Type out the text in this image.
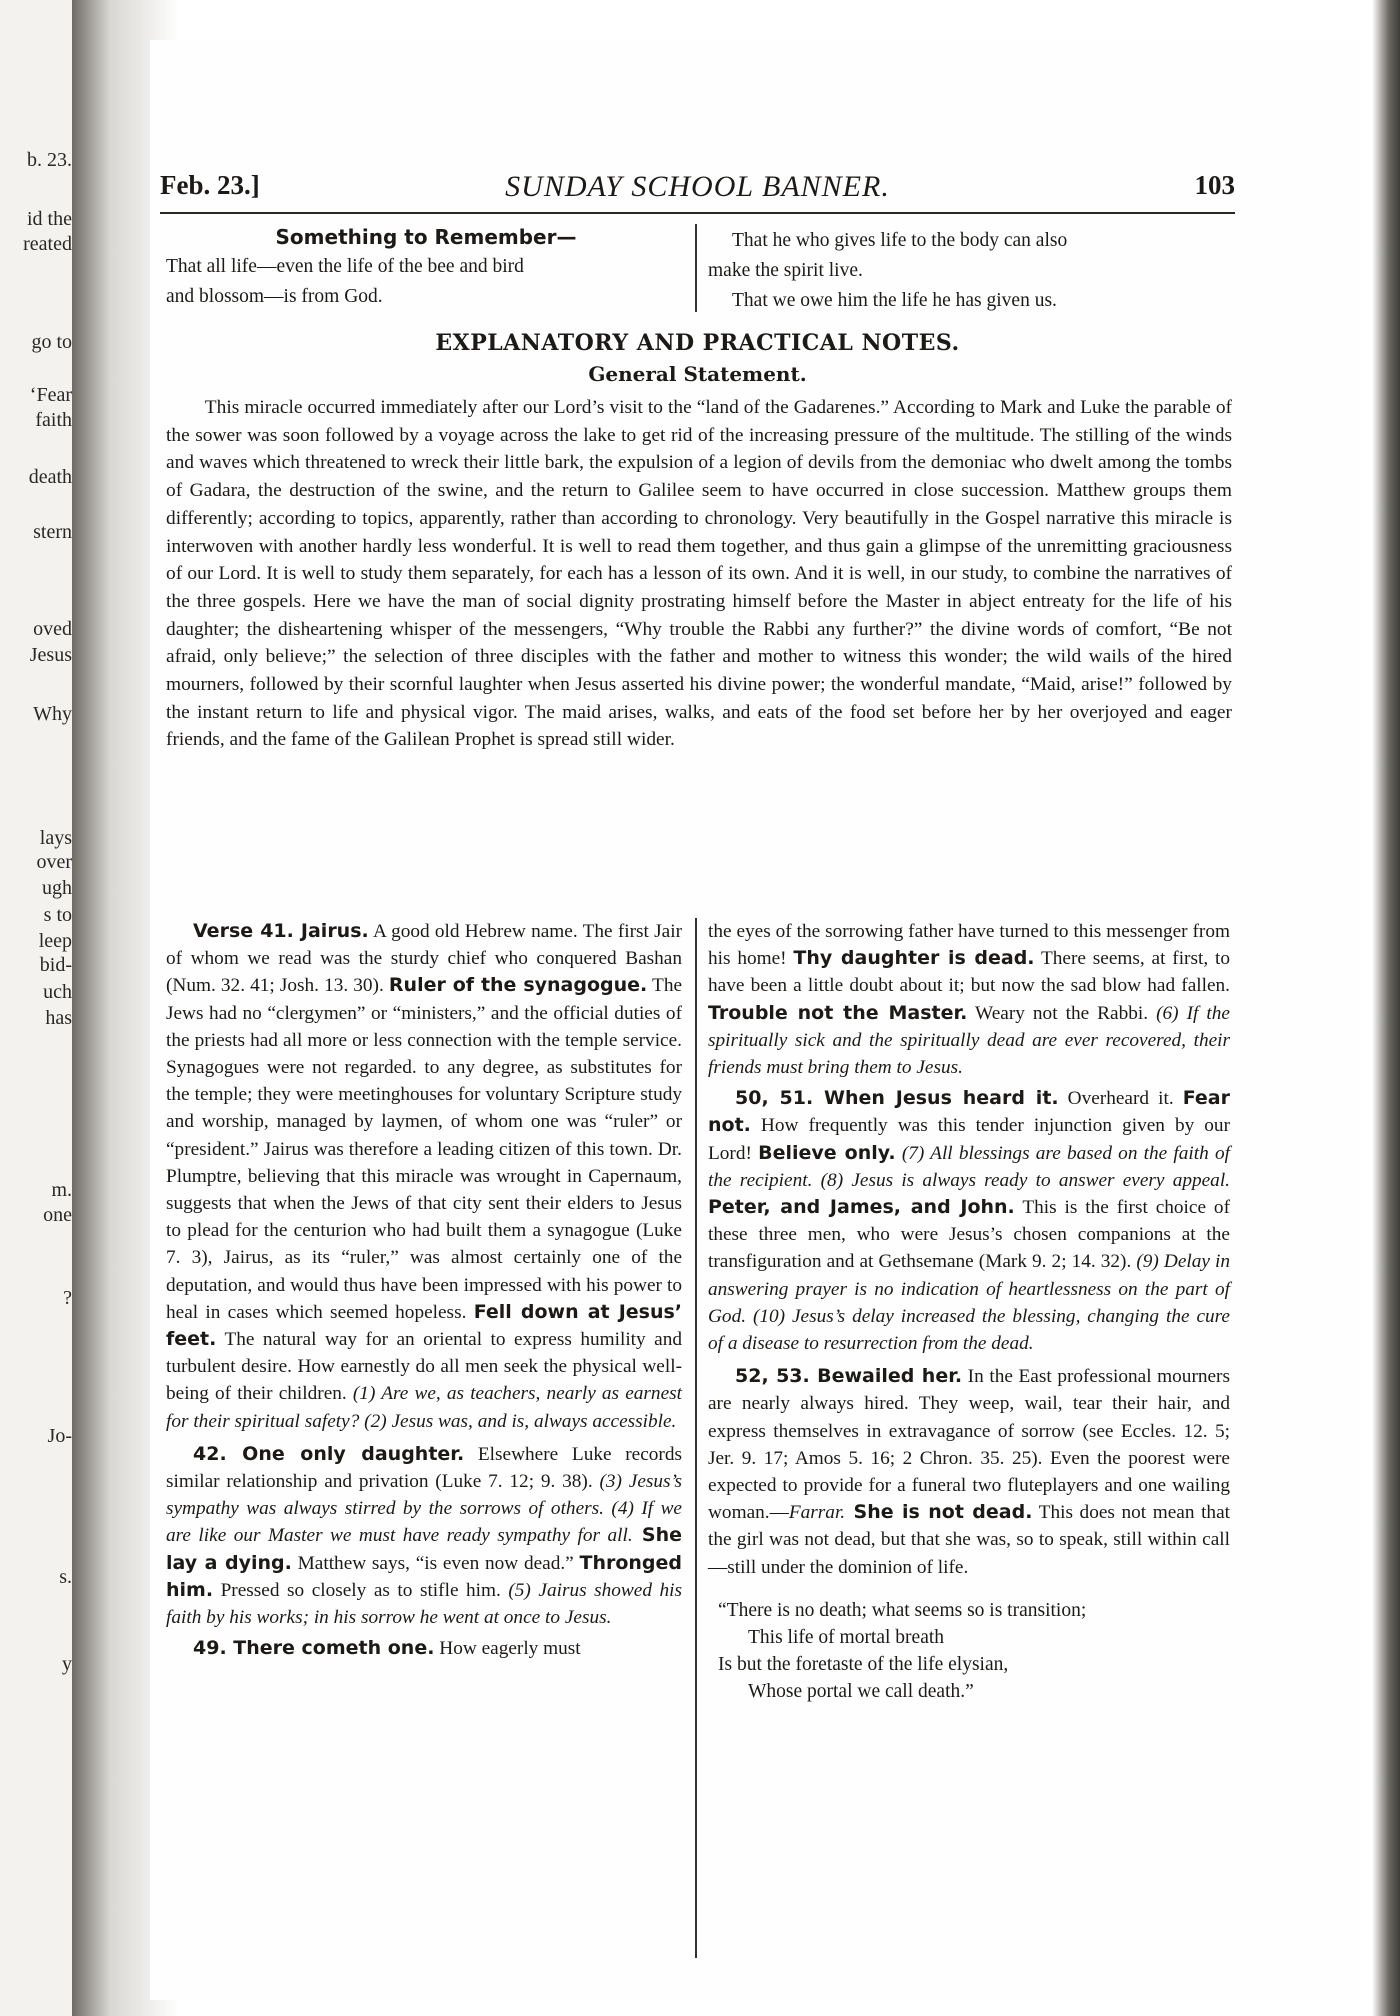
b. 23.
id the
reated
go to
‘Fear
faith
death
stern
oved
Jesus
Why
lays
over
ugh
s to
leep
bid-
uch
has
m.
one
?
Jo-
s.
y
SUNDAY SCHOOL BANNER.
Feb. 23.]	103
Something to Remember—
That all life—even the life of the bee and bird
and blossom—is from God.
That he who gives life to the body can also
make the spirit live.
That we owe him the life he has given us.
EXPLANATORY AND PRACTICAL NOTES.
General Statement.

This miracle occurred immediately after our Lord’s visit to the “land of the Gadarenes.” According to Mark and Luke the parable of the sower was soon followed by a voyage across the lake to get rid of the increasing pressure of the multitude. The stilling of the winds and waves which threatened to wreck their little bark, the expulsion of a legion of devils from the demoniac who dwelt among the tombs of Gadara, the destruction of the swine, and the return to Galilee seem to have occurred in close succession. Matthew groups them differently; according to topics, apparently, rather than according to chronology. Very beautifully in the Gospel narrative this miracle is interwoven with another hardly less wonderful. It is well to read them together, and thus gain a glimpse of the unremitting graciousness of our Lord. It is well to study them separately, for each has a lesson of its own. And it is well, in our study, to combine the narratives of the three gospels. Here we have the man of social dignity prostrating himself before the Master in abject entreaty for the life of his daughter; the disheartening whisper of the messengers, “Why trouble the Rabbi any further?” the divine words of comfort, “Be not afraid, only believe;” the selection of three disciples with the father and mother to witness this wonder; the wild wails of the hired mourners, followed by their scornful laughter when Jesus asserted his divine power; the wonderful mandate, “Maid, arise!” followed by the instant return to life and physical vigor. The maid arises, walks, and eats of the food set before her by her overjoyed and eager friends, and the fame of the Galilean Prophet is spread still wider.

Verse 41. Jairus. A good old Hebrew name. The first Jair of whom we read was the sturdy chief who conquered Bashan (Num. 32. 41; Josh. 13. 30). Ruler of the synagogue. The Jews had no “clergymen” or “ministers,” and the official duties of the priests had all more or less connection with the temple service. Synagogues were not regarded. to any degree, as substitutes for the temple; they were meetinghouses for voluntary Scripture study and worship, managed by laymen, of whom one was “ruler” or “president.” Jairus was therefore a leading citizen of this town. Dr. Plumptre, believing that this miracle was wrought in Capernaum, suggests that when the Jews of that city sent their elders to Jesus to plead for the centurion who had built them a synagogue (Luke 7. 3), Jairus, as its “ruler,” was almost certainly one of the deputation, and would thus have been impressed with his power to heal in cases which seemed hopeless. Fell down at Jesus’ feet. The natural way for an oriental to express humility and turbulent desire. How earnestly do all men seek the physical well-being of their children. (1) Are we, as teachers, nearly as earnest for their spiritual safety? (2) Jesus was, and is, always accessible.

42. One only daughter. Elsewhere Luke records similar relationship and privation (Luke 7. 12; 9. 38). (3) Jesus’s sympathy was always stirred by the sorrows of others. (4) If we are like our Master we must have ready sympathy for all. She lay a dying. Matthew says, “is even now dead.” Thronged him. Pressed so closely as to stifle him. (5) Jairus showed his faith by his works; in his sorrow he went at once to Jesus.

49. There cometh one. How eagerly must

the eyes of the sorrowing father have turned to this messenger from his home! Thy daughter is dead. There seems, at first, to have been a little doubt about it; but now the sad blow had fallen. Trouble not the Master. Weary not the Rabbi. (6) If the spiritually sick and the spiritually dead are ever recovered, their friends must bring them to Jesus.

50, 51. When Jesus heard it. Overheard it. Fear not. How frequently was this tender injunction given by our Lord! Believe only. (7) All blessings are based on the faith of the recipient. (8) Jesus is always ready to answer every appeal. Peter, and James, and John. This is the first choice of these three men, who were Jesus’s chosen companions at the transfiguration and at Gethsemane (Mark 9. 2; 14. 32). (9) Delay in answering prayer is no indication of heartlessness on the part of God. (10) Jesus’s delay increased the blessing, changing the cure of a disease to resurrection from the dead.

52, 53. Bewailed her. In the East professional mourners are nearly always hired. They weep, wail, tear their hair, and express themselves in extravagance of sorrow (see Eccles. 12. 5; Jer. 9. 17; Amos 5. 16; 2 Chron. 35. 25). Even the poorest were expected to provide for a funeral two fluteplayers and one wailing woman.—Farrar. She is not dead. This does not mean that the girl was not dead, but that she was, so to speak, still within call—still under the dominion of life.

“There is no death; what seems so is transition;
This life of mortal breath
Is but the foretaste of the life elysian,
Whose portal we call death.”
